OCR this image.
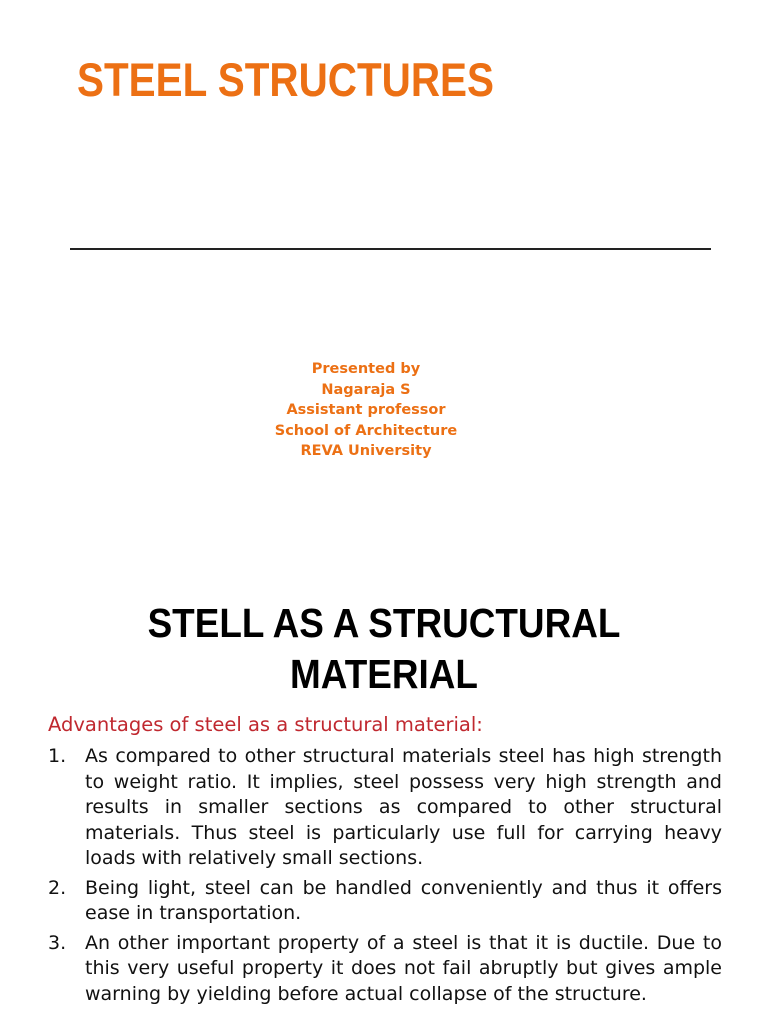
STEEL STRUCTURES
Presented by
Nagaraja S
Assistant professor
School of Architecture
REVA University
STELL AS A STRUCTURAL
MATERIAL
Advantages of steel as a structural material:
1. As compared to other structural materials steel has high strength to weight ratio. It implies, steel possess very high strength and results in smaller sections as compared to other structural materials. Thus steel is particularly use full for carrying heavy loads with relatively small sections.
2. Being light, steel can be handled conveniently and thus it offers ease in transportation.
3. An other important property of a steel is that it is ductile. Due to this very useful property it does not fail abruptly but gives ample warning by yielding before actual collapse of the structure.
